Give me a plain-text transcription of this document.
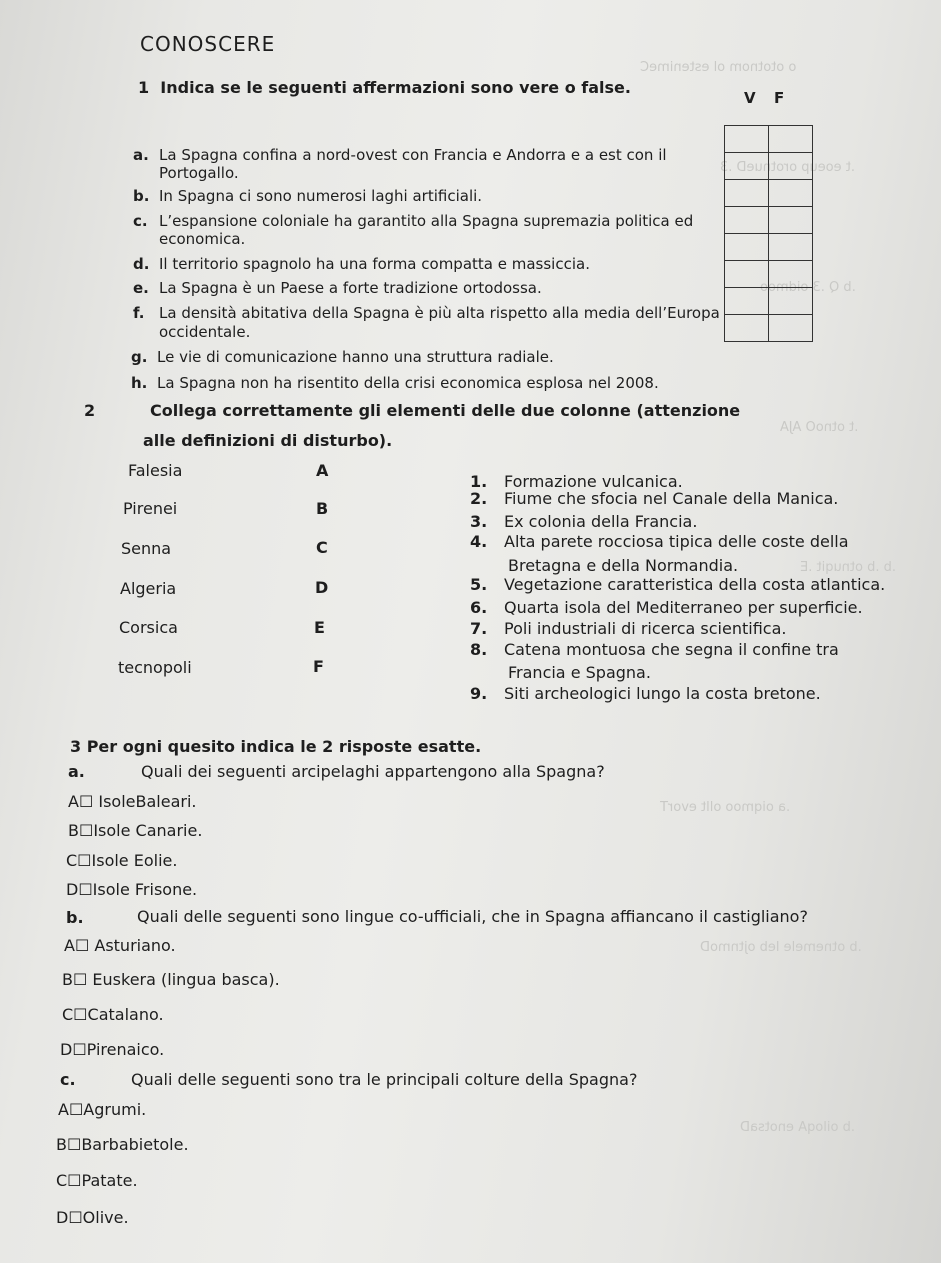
o ototnom ol estenimeC
.t eoeup orotnueD .3
.b Q .3 oidmoo
.t otnoO AJA
.b .b otnuqit .E
.a oiqmoo ollt evorT
.b otnemele leb ojtnmoD
.b oiloqA enotsaD
CONOSCERE
1 Indica se le seguenti affermazioni sono vere o false.
V F

a. La Spagna confina a nord-ovest con Francia e Andorra e a est con il
Portogallo.
b. In Spagna ci sono numerosi laghi artificiali.
c. L’espansione coloniale ha garantito alla Spagna supremazia politica ed
economica.
d. Il territorio spagnolo ha una forma compatta e massiccia.
e. La Spagna è un Paese a forte tradizione ortodossa.
f. La densità abitativa della Spagna è più alta rispetto alla media dell’Europa
occidentale.
g. Le vie di comunicazione hanno una struttura radiale.
h. La Spagna non ha risentito della crisi economica esplosa nel 2008.
2	Collega correttamente gli elementi delle due colonne (attenzione
alle definizioni di disturbo).
Falesia	A
Pirenei	B
Senna	C
Algeria	D
Corsica	E
tecnopoli	F
1. Formazione vulcanica.
2. Fiume che sfocia nel Canale della Manica.
3. Ex colonia della Francia.
4. Alta parete rocciosa tipica delle coste della
Bretagna e della Normandia.
5. Vegetazione caratteristica della costa atlantica.
6. Quarta isola del Mediterraneo per superficie.
7. Poli industriali di ricerca scientifica.
8. Catena montuosa che segna il confine tra
Francia e Spagna.
9. Siti archeologici lungo la costa bretone.
3 Per ogni quesito indica le 2 risposte esatte.
a.	Quali dei seguenti arcipelaghi appartengono alla Spagna?
A☐ IsoleBaleari.
B☐Isole Canarie.
C☐Isole Eolie.
D☐Isole Frisone.
b.	Quali delle seguenti sono lingue co-ufficiali, che in Spagna affiancano il castigliano?
A☐ Asturiano.
B☐ Euskera (lingua basca).
C☐Catalano.
D☐Pirenaico.
c.	Quali delle seguenti sono tra le principali colture della Spagna?
A☐Agrumi.
B☐Barbabietole.
C☐Patate.
D☐Olive.
